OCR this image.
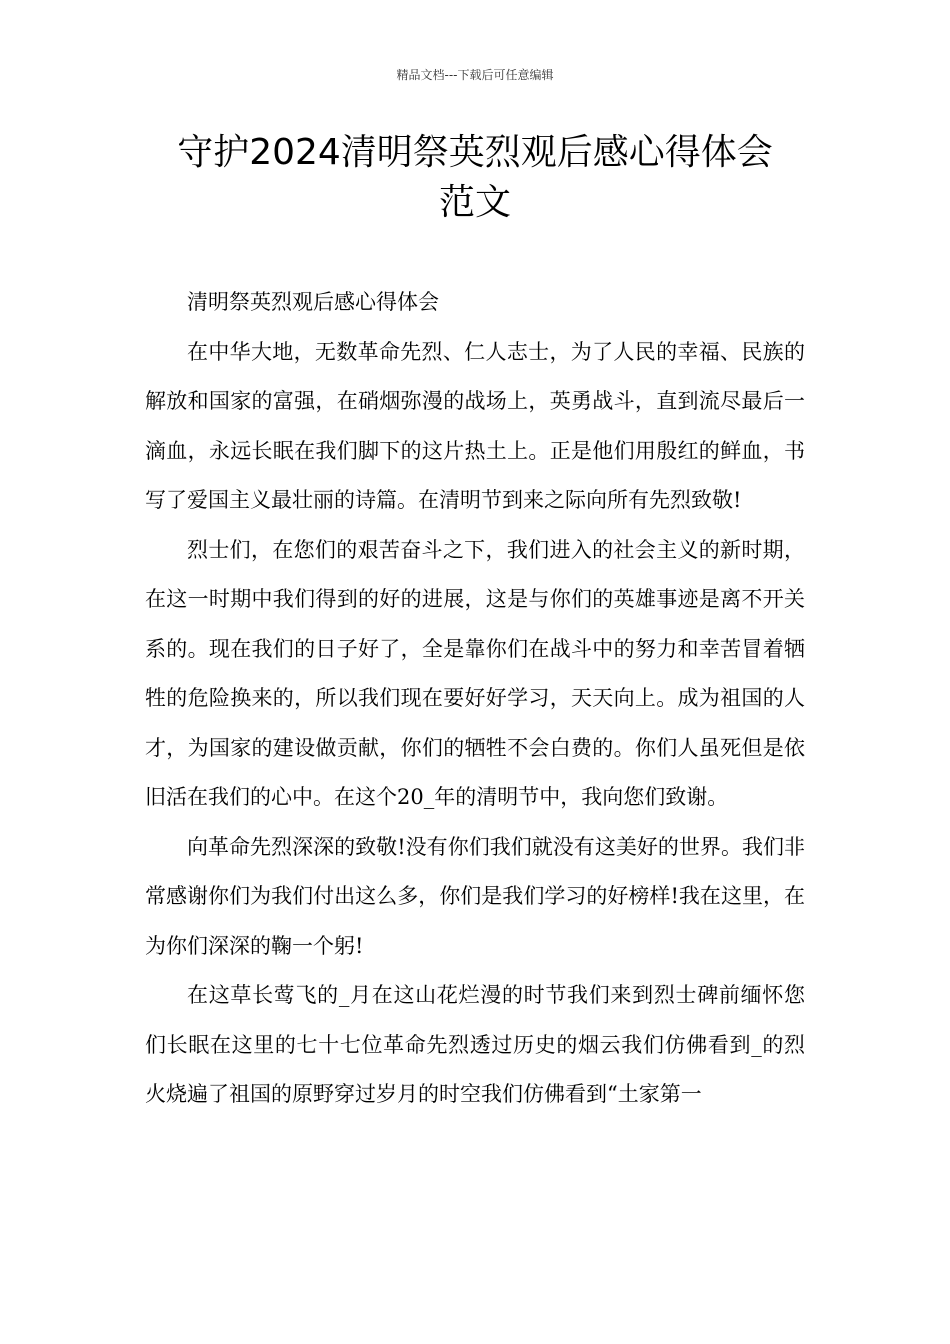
精品文档---下载后可任意编辑
守护2024清明祭英烈观后感心得体会
范文

清明祭英烈观后感心得体会

在中华大地，无数革命先烈、仁人志士，为了人民的幸福、民族的解放和国家的富强，在硝烟弥漫的战场上，英勇战斗，直到流尽最后一滴血，永远长眠在我们脚下的这片热土上。正是他们用殷红的鲜血，书写了爱国主义最壮丽的诗篇。在清明节到来之际向所有先烈致敬!

烈士们，在您们的艰苦奋斗之下，我们进入的社会主义的新时期，在这一时期中我们得到的好的进展，这是与你们的英雄事迹是离不开关系的。现在我们的日子好了，全是靠你们在战斗中的努力和幸苦冒着牺牲的危险换来的，所以我们现在要好好学习，天天向上。成为祖国的人才，为国家的建设做贡献，你们的牺牲不会白费的。你们人虽死但是依旧活在我们的心中。在这个20_年的清明节中，我向您们致谢。

向革命先烈深深的致敬!没有你们我们就没有这美好的世界。我们非常感谢你们为我们付出这么多，你们是我们学习的好榜样!我在这里，在为你们深深的鞠一个躬!

在这草长莺飞的_月在这山花烂漫的时节我们来到烈士碑前缅怀您们长眠在这里的七十七位革命先烈透过历史的烟云我们仿佛看到_的烈火烧遍了祖国的原野穿过岁月的时空我们仿佛看到“土家第一
